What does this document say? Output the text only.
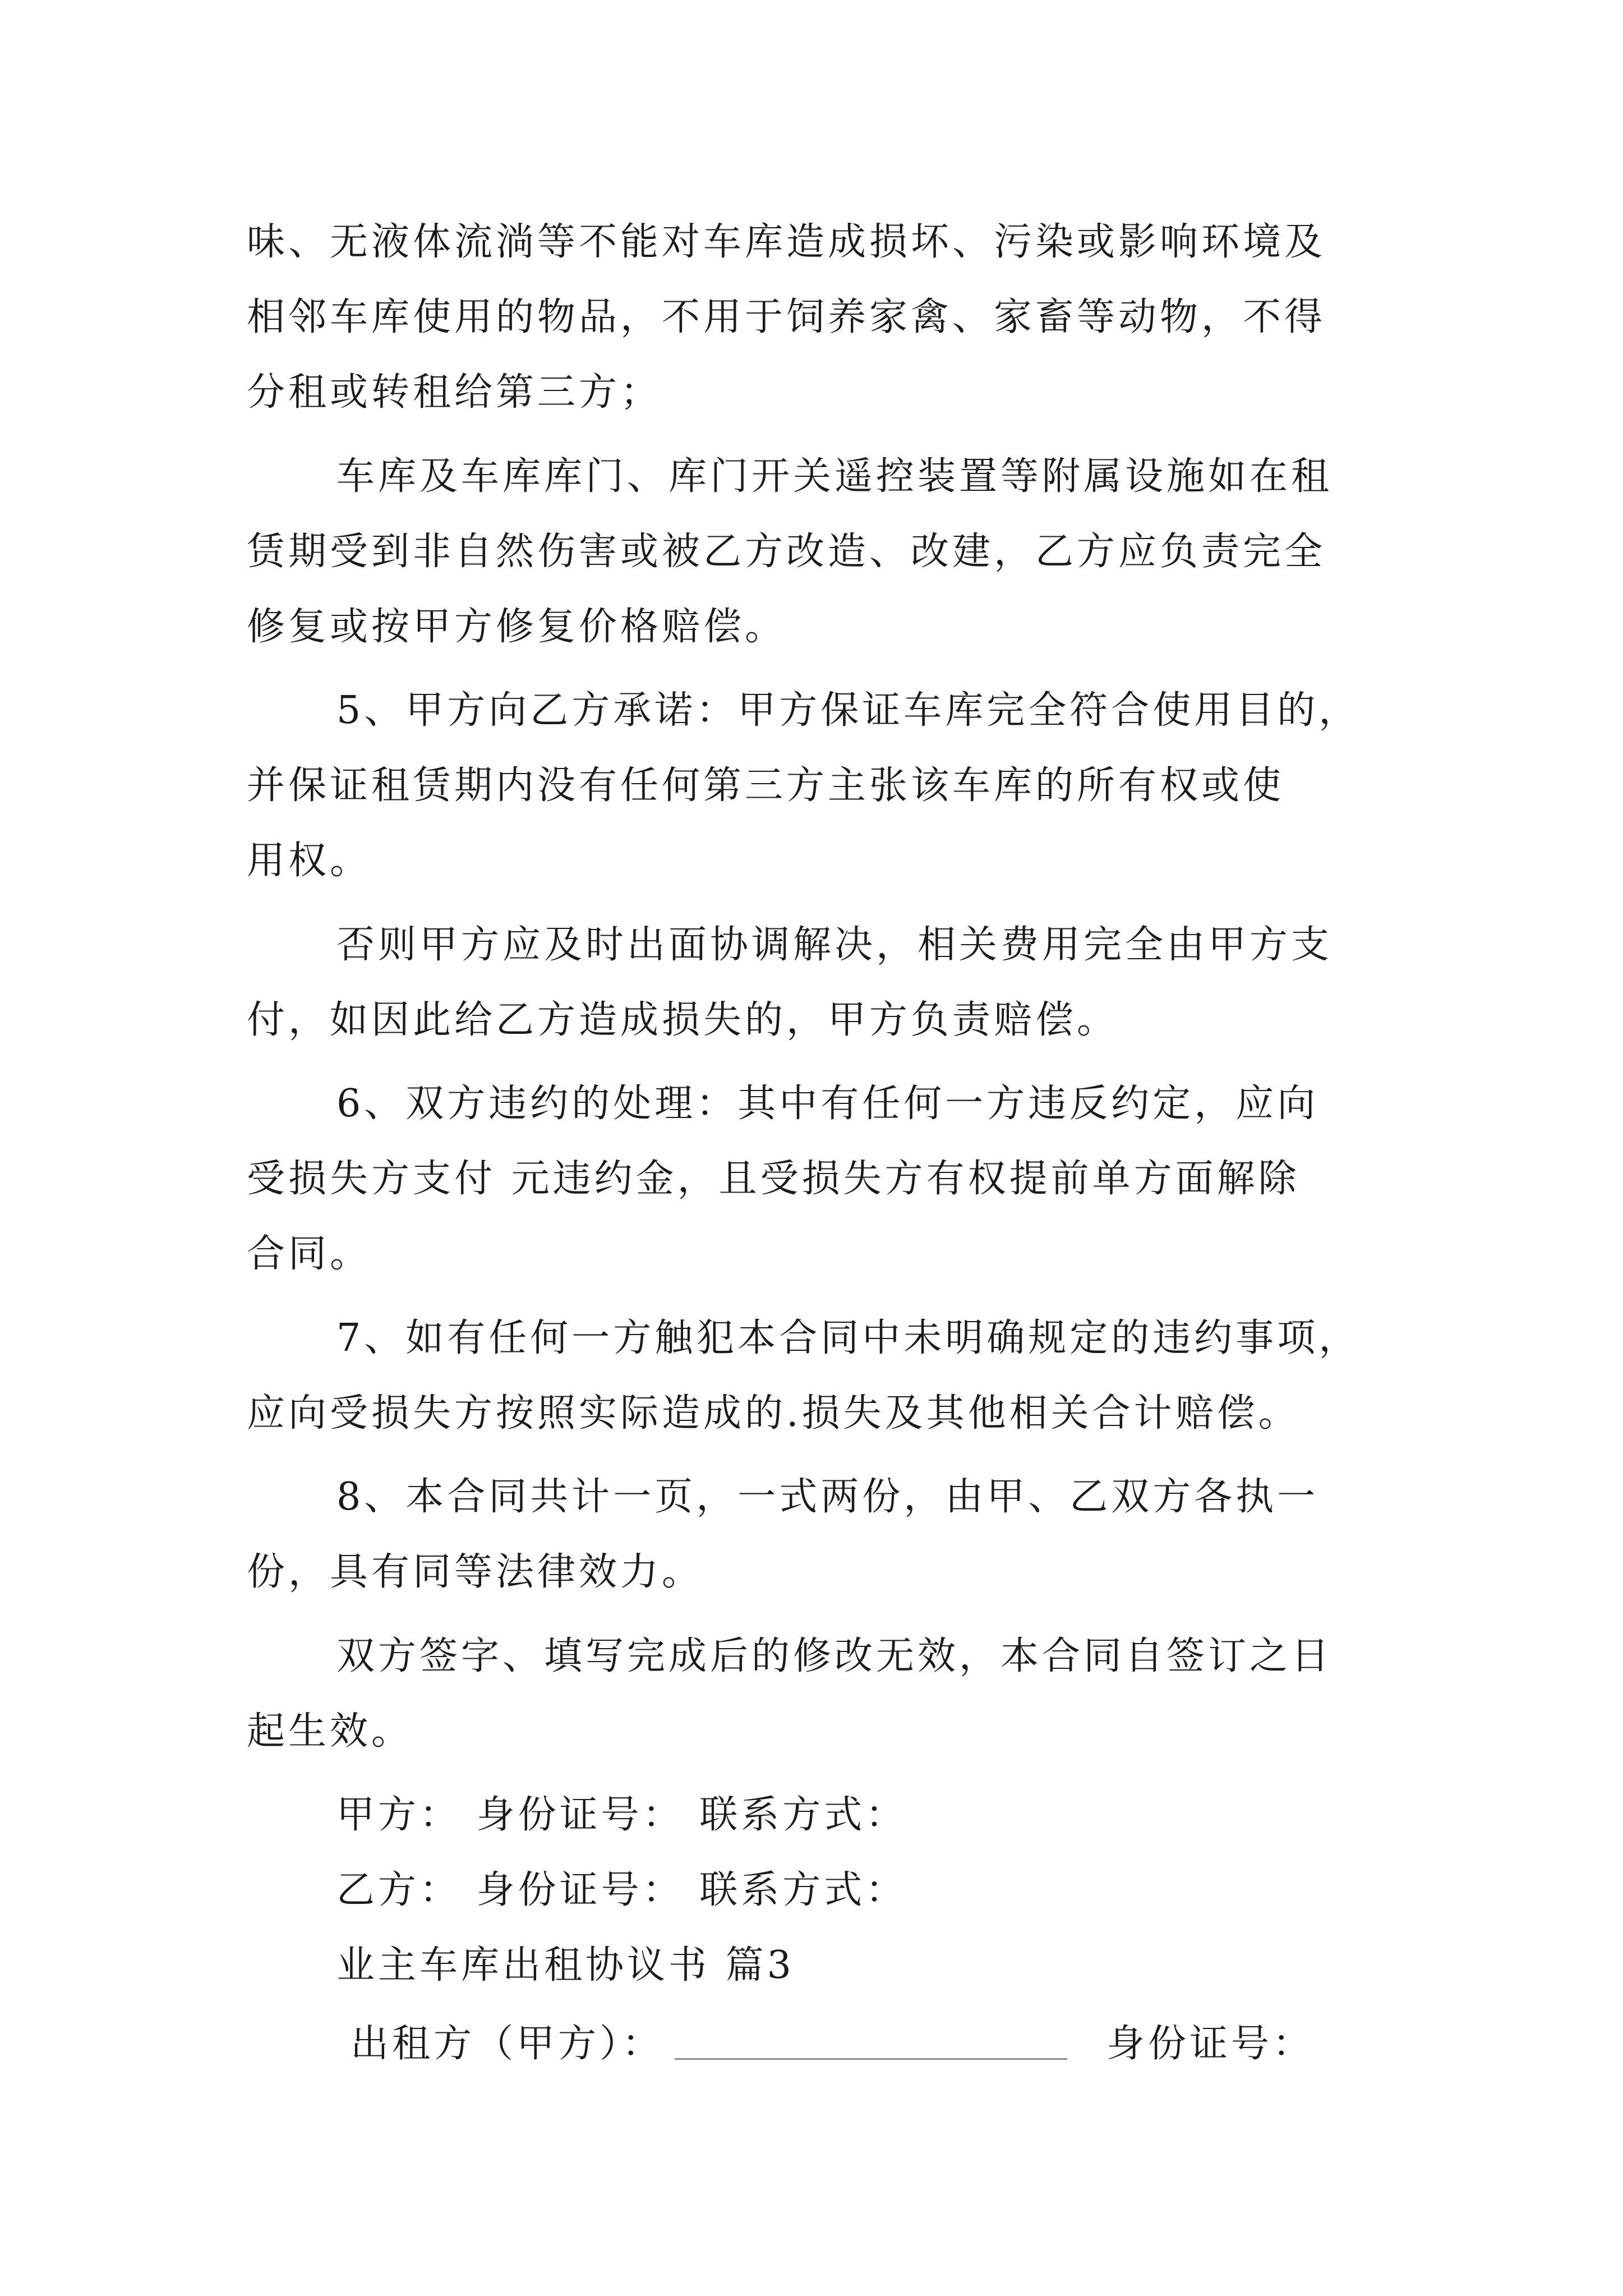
味、无液体流淌等不能对车库造成损坏、污染或影响环境及
相邻车库使用的物品，不用于饲养家禽、家畜等动物，不得
分租或转租给第三方；
车库及车库库门、库门开关遥控装置等附属设施如在租
赁期受到非自然伤害或被乙方改造、改建，乙方应负责完全
修复或按甲方修复价格赔偿。
5、甲方向乙方承诺：甲方保证车库完全符合使用目的，
并保证租赁期内没有任何第三方主张该车库的所有权或使
用权。
否则甲方应及时出面协调解决，相关费用完全由甲方支
付，如因此给乙方造成损失的，甲方负责赔偿。
6、双方违约的处理：其中有任何一方违反约定，应向
受损失方支付 元违约金，且受损失方有权提前单方面解除
合同。
7、如有任何一方触犯本合同中未明确规定的违约事项，
应向受损失方按照实际造成的.损失及其他相关合计赔偿。
8、本合同共计一页，一式两份，由甲、乙双方各执一
份，具有同等法律效力。
双方签字、填写完成后的修改无效，本合同自签订之日
起生效。
甲方： 身份证号： 联系方式：
乙方： 身份证号： 联系方式：
业主车库出租协议书 篇3
出租方（甲方）：	身份证号：
